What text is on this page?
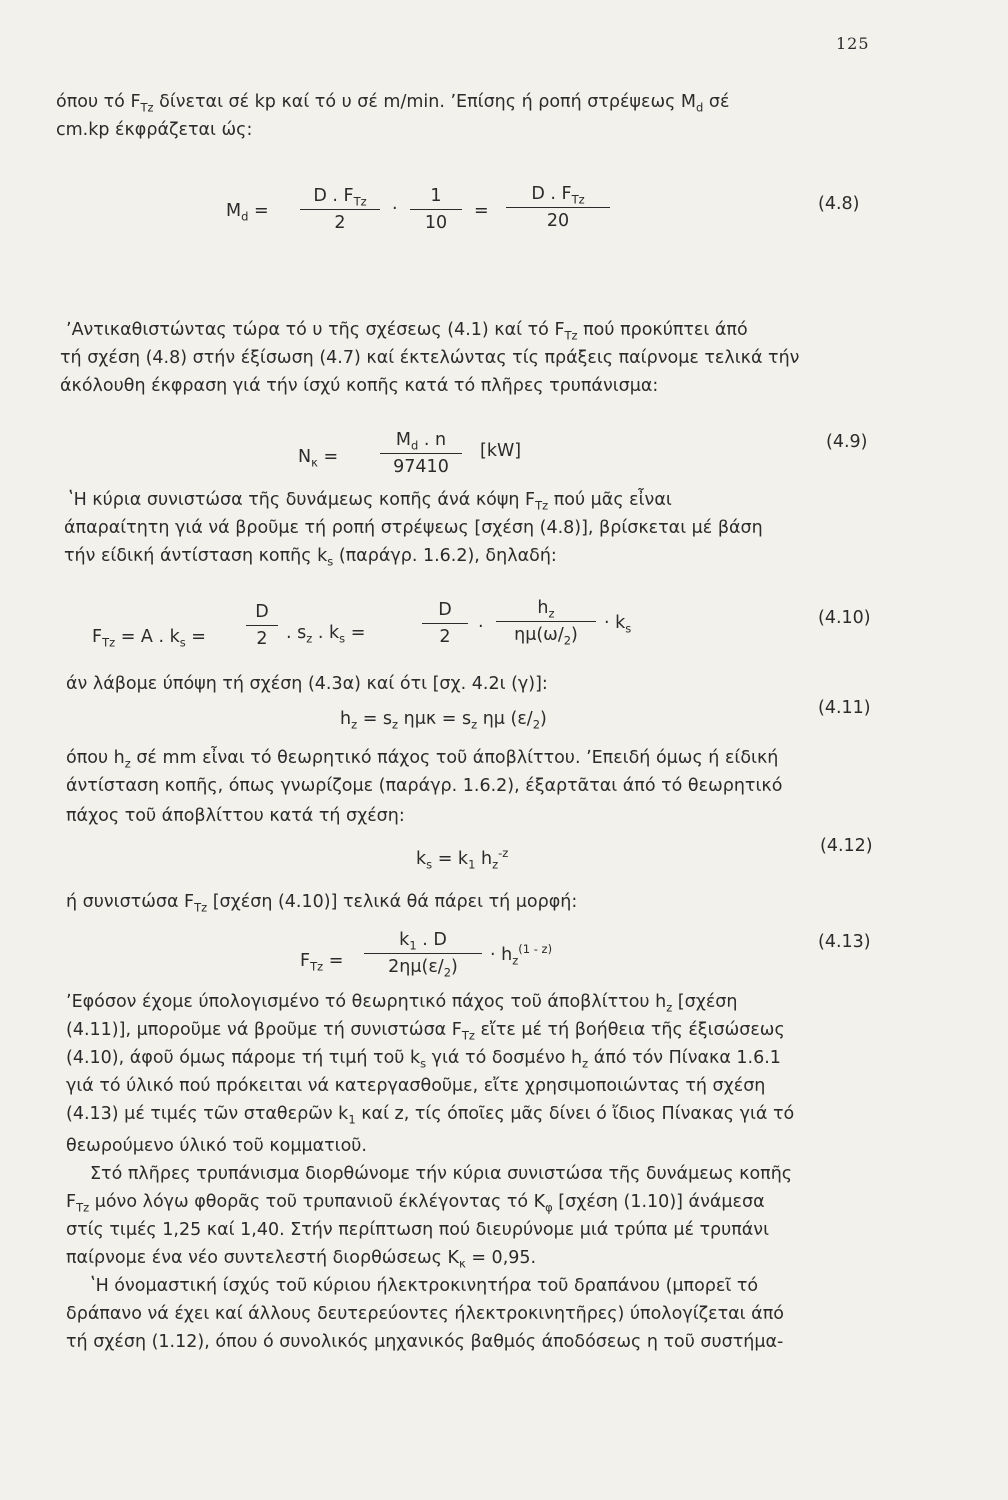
125
όπου τό $F_{Tz}$ δίνεται σέ kp καί τό υ σέ m/min. ʼΕπίσης ή ροπή στρέψεως $M_d$ σέ
cm.kp έκφράζεται ώς:
$M_d$ =
D . $F_{Tz}$
2
·
1
10
=
D . $F_{Tz}$
20
(4.8)
ʼΑντικαθιστώντας τώρα τό υ τῆς σχέσεως (4.1) καί τό $F_{Tz}$ πού προκύπτει άπό
τή σχέση (4.8) στήν έξίσωση (4.7) καί έκτελώντας τίς πράξεις παίρνομε τελικά τήν
άκόλουθη έκφραση γιά τήν ίσχύ κοπῆς κατά τό πλῆρες τρυπάνισμα:
$N_\kappa$ =
$M_d$ . n
97410
[kW]	(4.9)
ʽΗ κύρια συνιστώσα τῆς δυνάμεως κοπῆς άνά κόψη $F_{Tz}$ πού μᾶς εἶναι
άπαραίτητη γιά νά βροῦμε τή ροπή στρέψεως [σχέση (4.8)], βρίσκεται μέ βάση
τήν είδική άντίσταση κοπῆς $k_s$ (παράγρ. 1.6.2), δηλαδή:
$F_{Tz} = A$ . $k_s$ =
D
2	. $s_z$ . $k_s$ =
D
2	·
$h_z$
$\eta\mu(\omega/_2)$
· $k_s$
(4.10)
άν λάβομε ύπόψη τή σχέση (4.3α) καί ότι [σχ. 4.2ι (γ)]:
$h_z = s_z$ $\eta\mu\kappa = s_z$ ημ $(\varepsilon/_2)$
(4.11)
όπου $h_z$ σέ mm εἶναι τό θεωρητικό πάχος τοῦ άποβλίττου. ʼΕπειδή όμως ή είδική
άντίσταση κοπῆς, όπως γνωρίζομε (παράγρ. 1.6.2), έξαρτᾶται άπό τό θεωρητικό
πάχος τοῦ άποβλίττου κατά τή σχέση:
$k_s = k_1$ $h_z^{-z}$	(4.12)
ή συνιστώσα $F_{Tz}$ [σχέση (4.10)] τελικά θά πάρει τή μορφή:
$F_{Tz}$ =
$k_1$ . D
$2\eta\mu(\varepsilon/_2)$
· $h_z^{(1 - z)}$	(4.13)
ʼΕφόσον έχομε ύπολογισμένο τό θεωρητικό πάχος τοῦ άποβλίττου $h_z$ [σχέση
(4.11)], μποροῦμε νά βροῦμε τή συνιστώσα $F_{Tz}$ εἴτε μέ τή βοήθεια τῆς έξισώσεως
(4.10), άφοῦ όμως πάρομε τή τιμή τοῦ $k_s$ γιά τό δοσμένο $h_z$ άπό τόν Πίνακα 1.6.1
γιά τό ύλικό πού πρόκειται νά κατεργασθοῦμε, εἴτε χρησιμοποιώντας τή σχέση
(4.13) μέ τιμές τῶν σταθερῶν $k_1$ καί z, τίς όποῖες μᾶς δίνει ό ἴδιος Πίνακας γιά τό
θεωρούμενο ύλικό τοῦ κομματιοῦ.
Στό πλῆρες τρυπάνισμα διορθώνομε τήν κύρια συνιστώσα τῆς δυνάμεως κοπῆς
$F_{Tz}$ μόνο λόγω φθορᾶς τοῦ τρυπανιοῦ έκλέγοντας τό $K_\varphi$ [σχέση (1.10)] άνάμεσα
στίς τιμές 1,25 καί 1,40. Στήν περίπτωση πού διευρύνομε μιά τρύπα μέ τρυπάνι
παίρνομε ένα νέο συντελεστή διορθώσεως $K_\kappa = 0,95$.
ʽΗ όνομαστική ίσχύς τοῦ κύριου ήλεκτροκινητήρα τοῦ δραπάνου (μπορεῖ τό
δράπανο νά έχει καί άλλους δευτερεύοντες ήλεκτροκινητῆρες) ύπολογίζεται άπό
τή σχέση (1.12), όπου ό συνολικός μηχανικός βαθμός άποδόσεως η τοῦ συστήμα-
